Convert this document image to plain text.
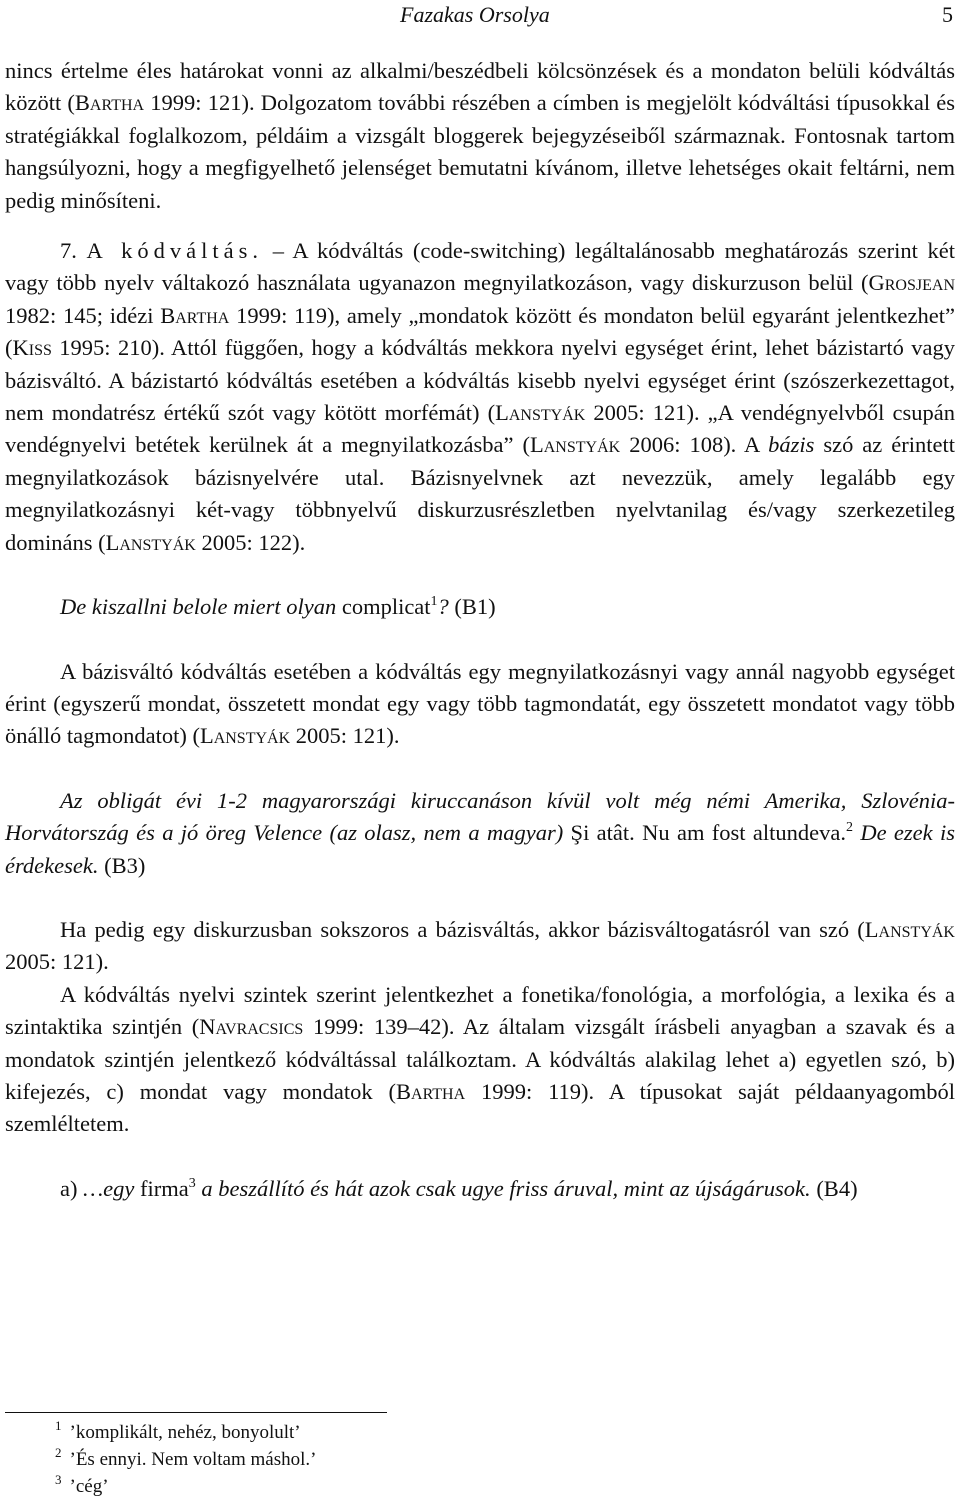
Fazakas Orsolya	5

nincs értelme éles határokat vonni az alkalmi/beszédbeli kölcsönzések és a mondaton belüli kódváltás között (Bartha 1999: 121). Dolgozatom további részében a címben is megjelölt kódváltási típusokkal és stratégiákkal foglalkozom, példáim a vizsgált bloggerek bejegyzéseiből származnak. Fontosnak tartom hangsúlyozni, hogy a megfigyelhető jelenséget bemutatni kívánom, illetve lehetséges okait feltárni, nem pedig minősíteni.

7. A kódváltás. – A kódváltás (code-switching) legáltalánosabb meghatározás szerint két vagy több nyelv váltakozó használata ugyanazon megnyilatkozáson, vagy diskurzuson belül (Grosjean 1982: 145; idézi Bartha 1999: 119), amely „mondatok között és mondaton belül egyaránt jelentkezhet” (Kiss 1995: 210). Attól függően, hogy a kódváltás mekkora nyelvi egységet érint, lehet bázistartó vagy bázisváltó. A bázistartó kódváltás esetében a kódváltás kisebb nyelvi egységet érint (szószerkezettagot, nem mondatrész értékű szót vagy kötött morfémát) (Lanstyák 2005: 121). „A vendégnyelvből csupán vendégnyelvi betétek kerülnek át a megnyilatkozásba” (Lanstyák 2006: 108). A bázis szó az érintett megnyilatkozások bázisnyelvére utal. Bázisnyelvnek azt nevezzük, amely legalább egy megnyilatkozásnyi két-vagy többnyelvű diskurzusrészletben nyelvtanilag és/vagy szerkezetileg domináns (Lanstyák 2005: 122).

De kiszallni belole miert olyan complicat$^1$? (B1)

A bázisváltó kódváltás esetében a kódváltás egy megnyilatkozásnyi vagy annál nagyobb egységet érint (egyszerű mondat, összetett mondat egy vagy több tagmondatát, egy összetett mondatot vagy több önálló tagmondatot) (Lanstyák 2005: 121).

Az obligát évi 1-2 magyarországi kiruccanáson kívül volt még némi Amerika, Szlovénia-Horvátország és a jó öreg Velence (az olasz, nem a magyar) Şi atât. Nu am fost altundeva.$^2$ De ezek is érdekesek. (B3)

Ha pedig egy diskurzusban sokszoros a bázisváltás, akkor bázisváltogatásról van szó (Lanstyák 2005: 121).

A kódváltás nyelvi szintek szerint jelentkezhet a fonetika/fonológia, a morfológia, a lexika és a szintaktika szintjén (Navracsics 1999: 139–42). Az általam vizsgált írásbeli anyagban a szavak és a mondatok szintjén jelentkező kódváltással találkoztam. A kódváltás alakilag lehet a) egyetlen szó, b) kifejezés, c) mondat vagy mondatok (Bartha 1999: 119). A típusokat saját példaanyagomból szemléltetem.

a) …egy firma$^3$ a beszállító és hát azok csak ugye friss áruval, mint az újságárusok. (B4)

$^1$ ’komplikált, nehéz, bonyolult’
$^2$ ’És ennyi. Nem voltam máshol.’
$^3$ ’cég’
